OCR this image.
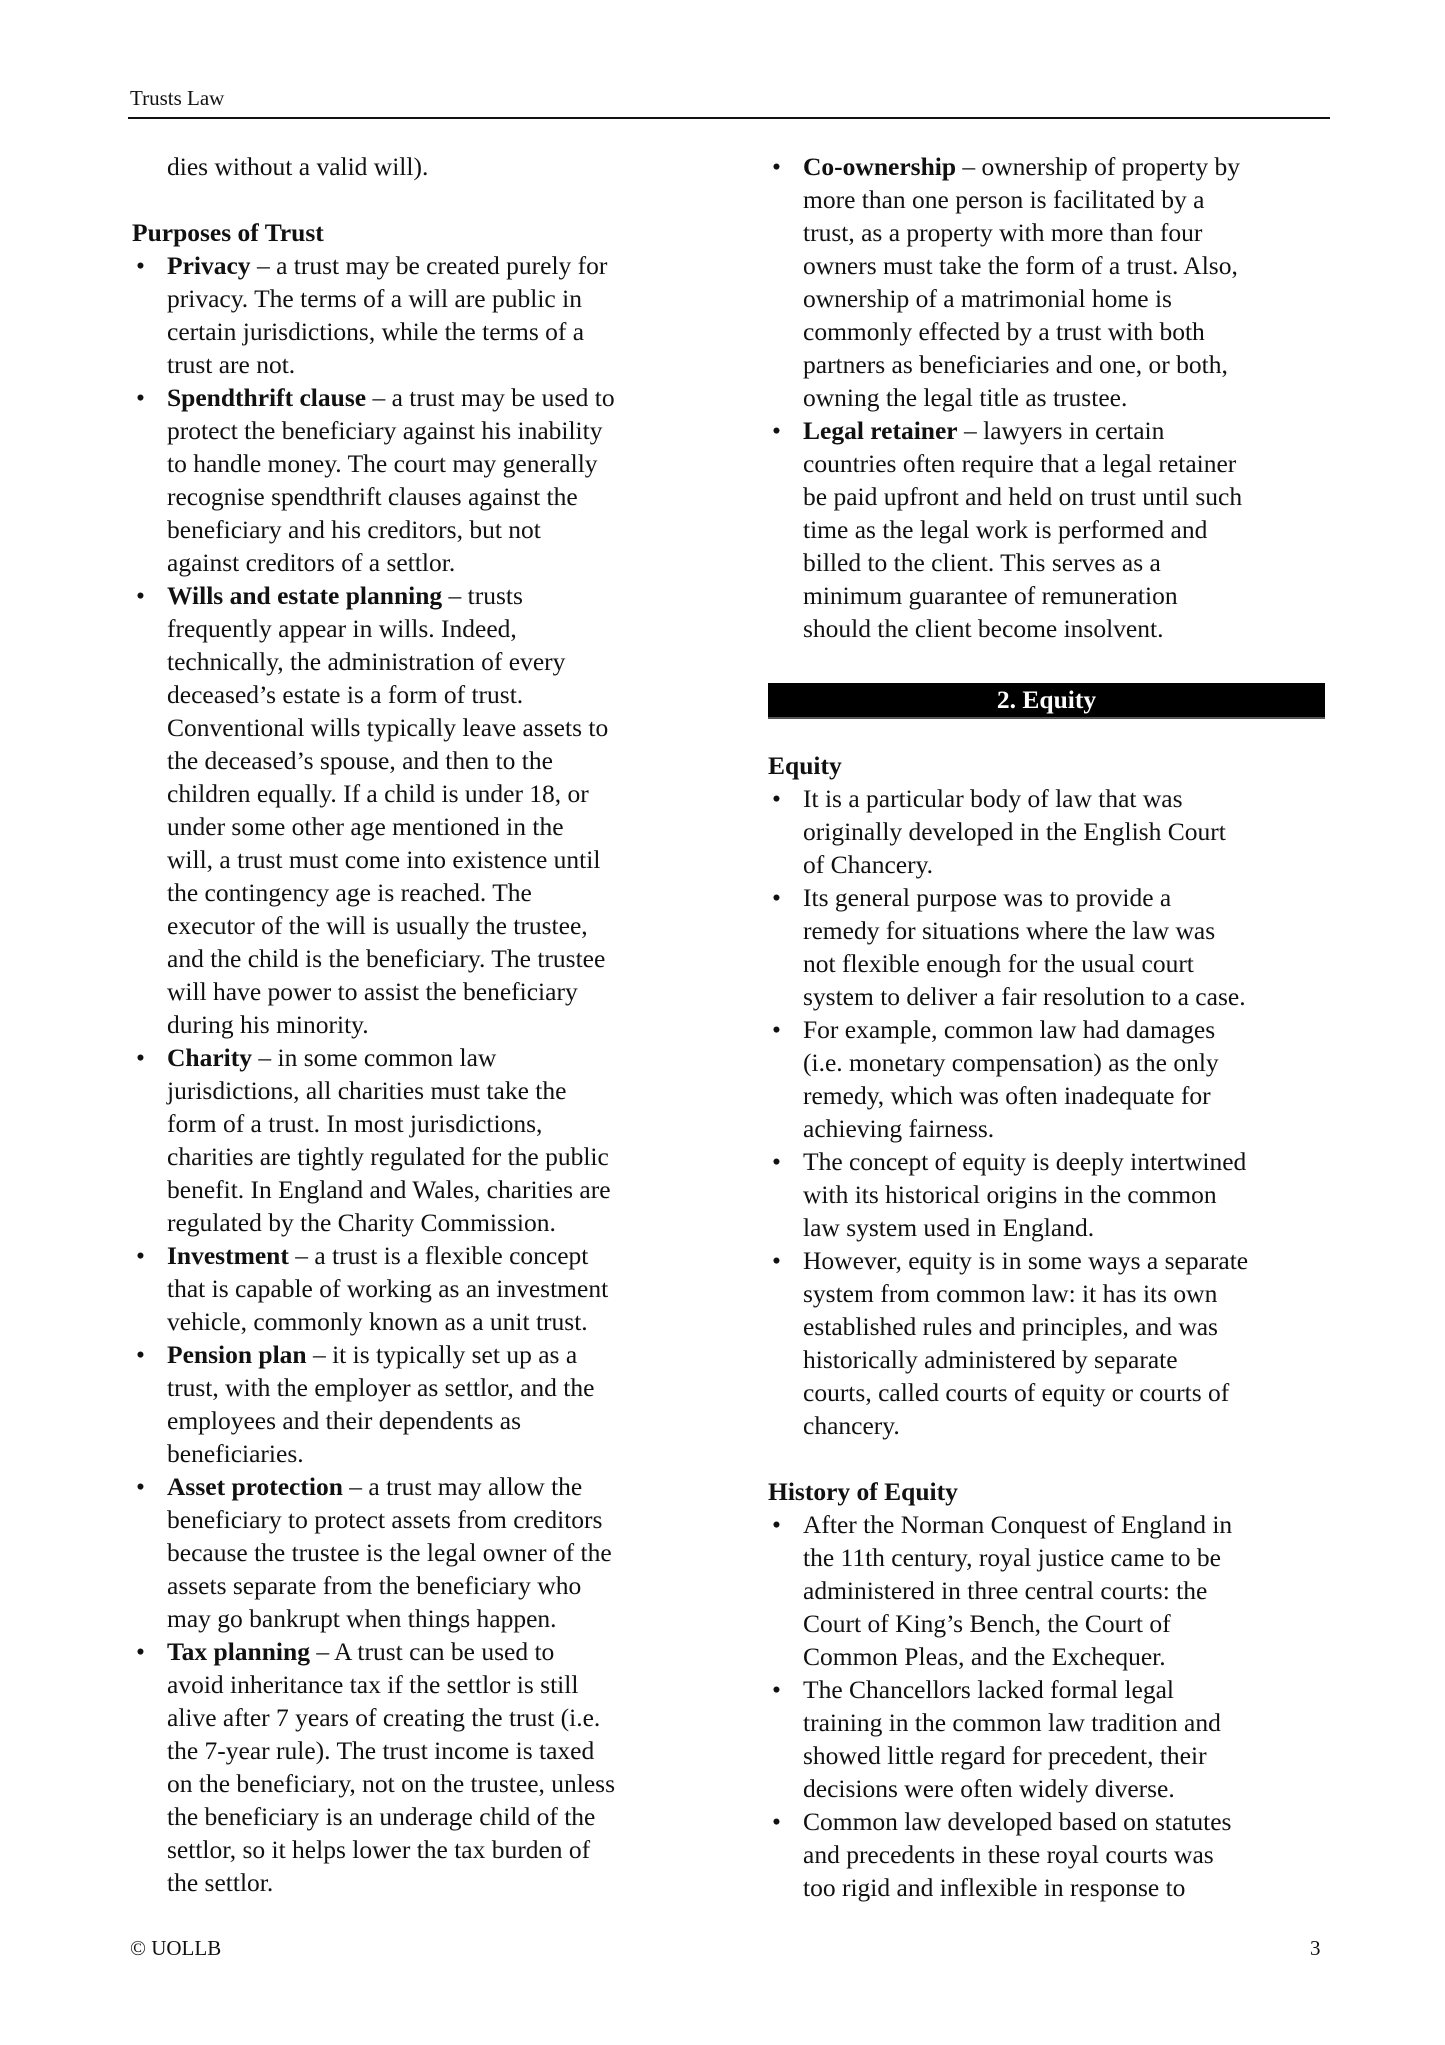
Trusts Law
dies without a valid will).
Purposes of Trust
• Privacy – a trust may be created purely for
privacy. The terms of a will are public in
certain jurisdictions, while the terms of a
trust are not.
• Spendthrift clause – a trust may be used to
protect the beneficiary against his inability
to handle money. The court may generally
recognise spendthrift clauses against the
beneficiary and his creditors, but not
against creditors of a settlor.
• Wills and estate planning – trusts
frequently appear in wills. Indeed,
technically, the administration of every
deceased’s estate is a form of trust.
Conventional wills typically leave assets to
the deceased’s spouse, and then to the
children equally. If a child is under 18, or
under some other age mentioned in the
will, a trust must come into existence until
the contingency age is reached. The
executor of the will is usually the trustee,
and the child is the beneficiary. The trustee
will have power to assist the beneficiary
during his minority.
• Charity – in some common law
jurisdictions, all charities must take the
form of a trust. In most jurisdictions,
charities are tightly regulated for the public
benefit. In England and Wales, charities are
regulated by the Charity Commission.
• Investment – a trust is a flexible concept
that is capable of working as an investment
vehicle, commonly known as a unit trust.
• Pension plan – it is typically set up as a
trust, with the employer as settlor, and the
employees and their dependents as
beneficiaries.
• Asset protection – a trust may allow the
beneficiary to protect assets from creditors
because the trustee is the legal owner of the
assets separate from the beneficiary who
may go bankrupt when things happen.
• Tax planning – A trust can be used to
avoid inheritance tax if the settlor is still
alive after 7 years of creating the trust (i.e.
the 7-year rule). The trust income is taxed
on the beneficiary, not on the trustee, unless
the beneficiary is an underage child of the
settlor, so it helps lower the tax burden of
the settlor.
• Co-ownership – ownership of property by
more than one person is facilitated by a
trust, as a property with more than four
owners must take the form of a trust. Also,
ownership of a matrimonial home is
commonly effected by a trust with both
partners as beneficiaries and one, or both,
owning the legal title as trustee.
• Legal retainer – lawyers in certain
countries often require that a legal retainer
be paid upfront and held on trust until such
time as the legal work is performed and
billed to the client. This serves as a
minimum guarantee of remuneration
should the client become insolvent.
2. Equity
Equity
• It is a particular body of law that was
originally developed in the English Court
of Chancery.
• Its general purpose was to provide a
remedy for situations where the law was
not flexible enough for the usual court
system to deliver a fair resolution to a case.
• For example, common law had damages
(i.e. monetary compensation) as the only
remedy, which was often inadequate for
achieving fairness.
• The concept of equity is deeply intertwined
with its historical origins in the common
law system used in England.
• However, equity is in some ways a separate
system from common law: it has its own
established rules and principles, and was
historically administered by separate
courts, called courts of equity or courts of
chancery.
History of Equity
• After the Norman Conquest of England in
the 11th century, royal justice came to be
administered in three central courts: the
Court of King’s Bench, the Court of
Common Pleas, and the Exchequer.
• The Chancellors lacked formal legal
training in the common law tradition and
showed little regard for precedent, their
decisions were often widely diverse.
• Common law developed based on statutes
and precedents in these royal courts was
too rigid and inflexible in response to
© UOLLB	3
